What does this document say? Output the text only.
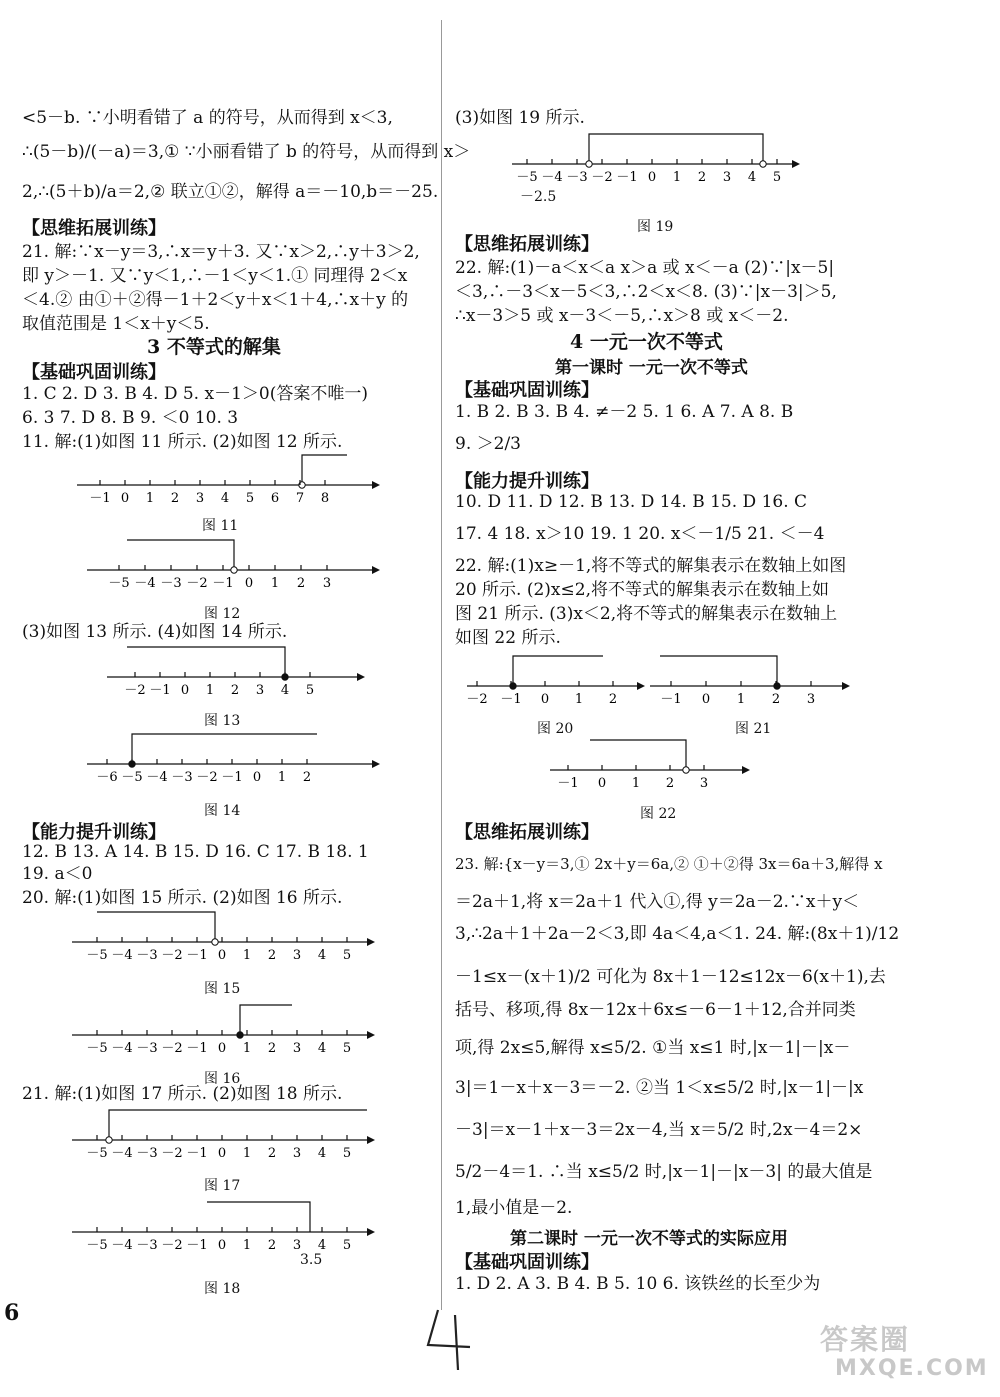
<5－b. ∵小明看错了 a 的符号，从而得到 x＜3,
∴(5－b)/(－a)＝3,① ∵小丽看错了 b 的符号，从而得到 x＞
2,∴(5＋b)/a＝2,② 联立①②，解得 a＝－10,b＝－25.
【思维拓展训练】
21. 解:∵x－y＝3,∴x＝y＋3. 又∵x＞2,∴y＋3＞2,
即 y＞－1. 又∵y＜1,∴－1＜y＜1.① 同理得 2＜x
＜4.② 由①＋②得－1＋2＜y＋x＜1＋4,∴x＋y 的
取值范围是 1＜x＋y＜5.
3 不等式的解集
【基础巩固训练】
1. C 2. D 3. B 4. D 5. x－1＞0(答案不唯一)
6. 3 7. D 8. B 9. ＜0 10. 3
11. 解:(1)如图 11 所示. (2)如图 12 所示.
－1 0 1 2 3 4 5 6 7 8
图 11
－5 －4 －3 －2 －1 0 1 2 3
图 12
(3)如图 13 所示. (4)如图 14 所示.
－2 －1 0 1 2 3 4 5
图 13
－6 －5 －4 －3 －2 －1 0 1 2
图 14
【能力提升训练】
12. B 13. A 14. B 15. D 16. C 17. B 18. 1
19. a＜0
20. 解:(1)如图 15 所示. (2)如图 16 所示.
－5 －4 －3 －2 －1 0 1 2 3 4 5
图 15
－5 －4 －3 －2 －1 0 1 2 3 4 5
图 16
21. 解:(1)如图 17 所示. (2)如图 18 所示.
－5 －4 －3 －2 －1 0 1 2 3 4 5
图 17
－5 －4 －3 －2 －1 0 1 2 3 4 5
3.5
图 18
(3)如图 19 所示.
－5 －4 －3 －2 －1 0 1 2 3 4 5
－2.5
图 19
【思维拓展训练】
22. 解:(1)－a＜x＜a x＞a 或 x＜－a (2)∵|x－5|
＜3,∴－3＜x－5＜3,∴2＜x＜8. (3)∵|x－3|＞5,
∴x－3＞5 或 x－3＜－5,∴x＞8 或 x＜－2.
4 一元一次不等式
第一课时 一元一次不等式
【基础巩固训练】
1. B 2. B 3. B 4. ≠－2 5. 1 6. A 7. A 8. B
9. ＞2/3
【能力提升训练】
10. D 11. D 12. B 13. D 14. B 15. D 16. C
17. 4 18. x＞10 19. 1 20. x＜－1/5 21. ＜－4
22. 解:(1)x≥－1,将不等式的解集表示在数轴上如图
20 所示. (2)x≤2,将不等式的解集表示在数轴上如
图 21 所示. (3)x＜2,将不等式的解集表示在数轴上
如图 22 所示.
－2 －1 0 1 2
图 20
－1 0 1 2 3
图 21
－1 0 1 2 3
图 22
【思维拓展训练】
23. 解:{x－y＝3,① 2x＋y＝6a,② ①＋②得 3x＝6a＋3,解得 x
＝2a＋1,将 x＝2a＋1 代入①,得 y＝2a－2.∵x＋y＜
3,∴2a＋1＋2a－2＜3,即 4a＜4,a＜1. 24. 解:(8x＋1)/12
－1≤x－(x＋1)/2 可化为 8x＋1－12≤12x－6(x＋1),去
括号、移项,得 8x－12x＋6x≤－6－1＋12,合并同类
项,得 2x≤5,解得 x≤5/2. ①当 x≤1 时,|x－1|－|x－
3|＝1－x＋x－3＝－2. ②当 1＜x≤5/2 时,|x－1|－|x
－3|＝x－1＋x－3＝2x－4,当 x＝5/2 时,2x－4＝2×
5/2－4＝1. ∴当 x≤5/2 时,|x－1|－|x－3| 的最大值是
1,最小值是－2.
第二课时 一元一次不等式的实际应用
【基础巩固训练】
1. D 2. A 3. B 4. B 5. 10 6. 该铁丝的长至少为
6
答案圈
MXQE.COM
